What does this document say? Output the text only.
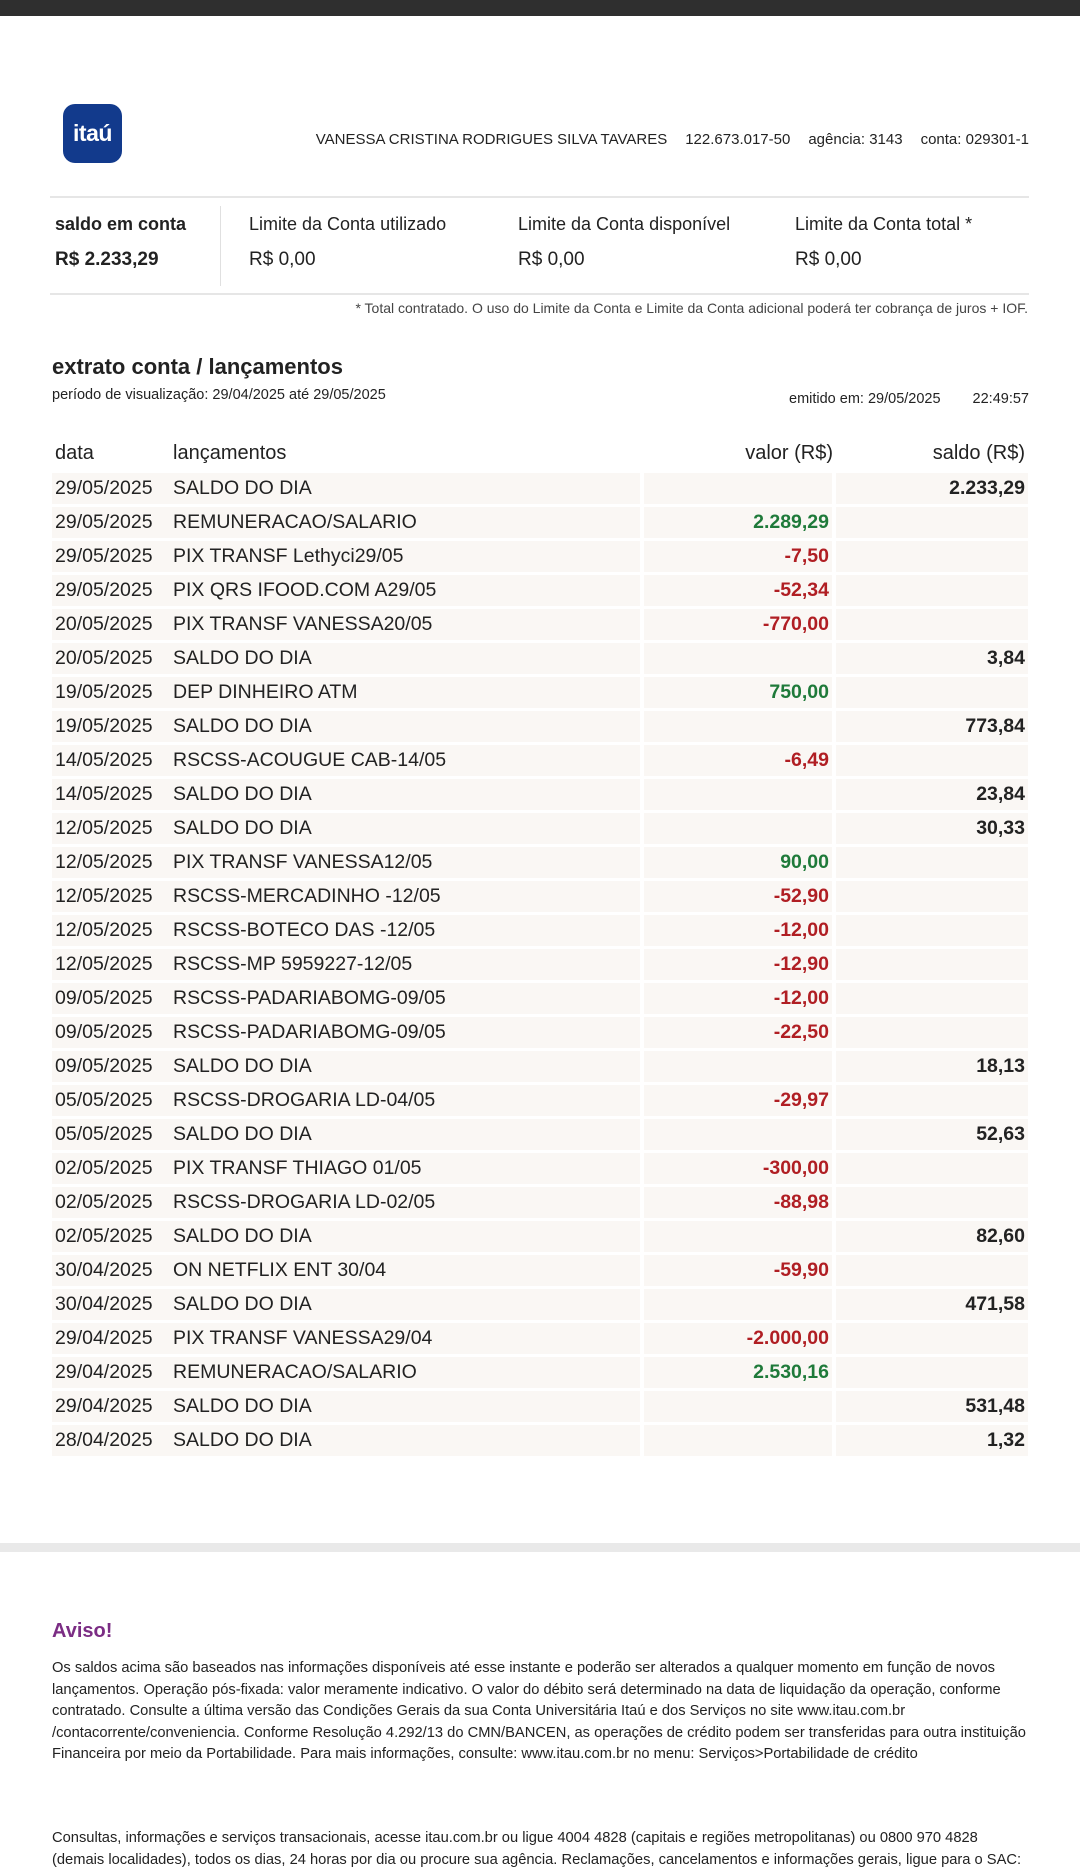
itaú	VANESSA CRISTINA RODRIGUES SILVA TAVARES 122.673.017-50 agência: 3143 conta: 029301-1
saldo em conta
R$ 2.233,29
Limite da Conta utilizado
R$ 0,00
Limite da Conta disponível
R$ 0,00
Limite da Conta total *
R$ 0,00
* Total contratado. O uso do Limite da Conta e Limite da Conta adicional poderá ter cobrança de juros + IOF.
extrato conta / lançamentos
período de visualização: 29/04/2025 até 29/05/2025	emitido em: 29/05/2025 22:49:57
data	lançamentos	valor (R$)	saldo (R$)
29/05/2025	SALDO DO DIA		2.233,29
29/05/2025	REMUNERACAO/SALARIO	2.289,29	
29/05/2025	PIX TRANSF Lethyci29/05	-7,50	
29/05/2025	PIX QRS IFOOD.COM A29/05	-52,34	
20/05/2025	PIX TRANSF VANESSA20/05	-770,00	
20/05/2025	SALDO DO DIA		3,84
19/05/2025	DEP DINHEIRO ATM	750,00	
19/05/2025	SALDO DO DIA		773,84
14/05/2025	RSCSS-ACOUGUE CAB-14/05	-6,49	
14/05/2025	SALDO DO DIA		23,84
12/05/2025	SALDO DO DIA		30,33
12/05/2025	PIX TRANSF VANESSA12/05	90,00	
12/05/2025	RSCSS-MERCADINHO -12/05	-52,90	
12/05/2025	RSCSS-BOTECO DAS -12/05	-12,00	
12/05/2025	RSCSS-MP 5959227-12/05	-12,90	
09/05/2025	RSCSS-PADARIABOMG-09/05	-12,00	
09/05/2025	RSCSS-PADARIABOMG-09/05	-22,50	
09/05/2025	SALDO DO DIA		18,13
05/05/2025	RSCSS-DROGARIA LD-04/05	-29,97	
05/05/2025	SALDO DO DIA		52,63
02/05/2025	PIX TRANSF THIAGO 01/05	-300,00	
02/05/2025	RSCSS-DROGARIA LD-02/05	-88,98	
02/05/2025	SALDO DO DIA		82,60
30/04/2025	ON NETFLIX ENT 30/04	-59,90	
30/04/2025	SALDO DO DIA		471,58
29/04/2025	PIX TRANSF VANESSA29/04	-2.000,00	
29/04/2025	REMUNERACAO/SALARIO	2.530,16	
29/04/2025	SALDO DO DIA		531,48
28/04/2025	SALDO DO DIA		1,32
Aviso!
Os saldos acima são baseados nas informações disponíveis até esse instante e poderão ser alterados a qualquer momento em função de novos lançamentos. Operação pós-fixada: valor meramente indicativo. O valor do débito será determinado na data de liquidação da operação, conforme contratado. Consulte a última versão das Condições Gerais da sua Conta Universitária Itaú e dos Serviços no site www.itau.com.br /contacorrente/conveniencia. Conforme Resolução 4.292/13 do CMN/BANCEN, as operações de crédito podem ser transferidas para outra instituição Financeira por meio da Portabilidade. Para mais informações, consulte: www.itau.com.br no menu: Serviços>Portabilidade de crédito
Consultas, informações e serviços transacionais, acesse itau.com.br ou ligue 4004 4828 (capitais e regiões metropolitanas) ou 0800 970 4828 (demais localidades), todos os dias, 24 horas por dia ou procure sua agência. Reclamações, cancelamentos e informações gerais, ligue para o SAC:
